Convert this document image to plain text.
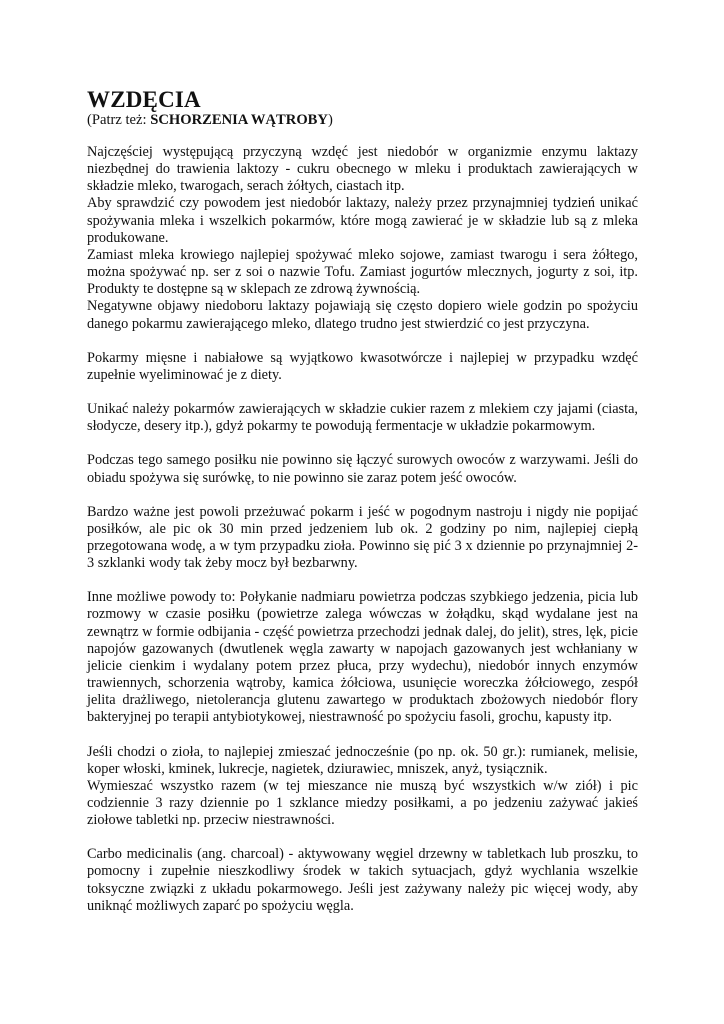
WZDĘCIA

(Patrz też: SCHORZENIA WĄTROBY)

Najczęściej występującą przyczyną wzdęć jest niedobór w organizmie enzymu laktazy niezbędnej do trawienia laktozy - cukru obecnego w mleku i produktach zawierających w składzie mleko, twarogach, serach żółtych, ciastach itp.

Aby sprawdzić czy powodem jest niedobór laktazy, należy przez przynajmniej tydzień unikać spożywania mleka i wszelkich pokarmów, które mogą zawierać je w składzie lub są z mleka produkowane.

Zamiast mleka krowiego najlepiej spożywać mleko sojowe, zamiast twarogu i sera żółtego, można spożywać np. ser z soi o nazwie Tofu. Zamiast jogurtów mlecznych, jogurty z soi, itp. Produkty te dostępne są w sklepach ze zdrową żywnością.

Negatywne objawy niedoboru laktazy pojawiają się często dopiero wiele godzin po spożyciu danego pokarmu zawierającego mleko, dlatego trudno jest stwierdzić co jest przyczyna.

Pokarmy mięsne i nabiałowe są wyjątkowo kwasotwórcze i najlepiej w przypadku wzdęć zupełnie wyeliminować je z diety.

Unikać należy pokarmów zawierających w składzie cukier razem z mlekiem czy jajami (ciasta, słodycze, desery itp.), gdyż pokarmy te powodują fermentacje w układzie pokarmowym.

Podczas tego samego posiłku nie powinno się łączyć surowych owoców z warzywami. Jeśli do obiadu spożywa się surówkę, to nie powinno sie zaraz potem jeść owoców.

Bardzo ważne jest powoli przeżuwać pokarm i jeść w pogodnym nastroju i nigdy nie popijać posiłków, ale pic ok 30 min przed jedzeniem lub ok. 2 godziny po nim, najlepiej ciepłą przegotowana wodę, a w tym przypadku zioła. Powinno się pić 3 x dziennie po przynajmniej 2-3 szklanki wody tak żeby mocz był bezbarwny.

Inne możliwe powody to: Połykanie nadmiaru powietrza podczas szybkiego jedzenia, picia lub rozmowy w czasie posiłku (powietrze zalega wówczas w żołądku, skąd wydalane jest na zewnątrz w formie odbijania - część powietrza przechodzi jednak dalej, do jelit), stres, lęk, picie napojów gazowanych (dwutlenek węgla zawarty w napojach gazowanych jest wchłaniany w jelicie cienkim i wydalany potem przez płuca, przy wydechu), niedobór innych enzymów trawiennych, schorzenia wątroby, kamica żółciowa, usunięcie woreczka żółciowego, zespół jelita drażliwego, nietolerancja glutenu zawartego w produktach zbożowych niedobór flory bakteryjnej po terapii antybiotykowej, niestrawność po spożyciu fasoli, grochu, kapusty itp.

Jeśli chodzi o zioła, to najlepiej zmieszać jednocześnie (po np. ok. 50 gr.): rumianek, melisie, koper włoski, kminek, lukrecje, nagietek, dziurawiec, mniszek, anyż, tysiącznik.

Wymieszać wszystko razem (w tej mieszance nie muszą być wszystkich w/w ziół) i pic codziennie 3 razy dziennie po 1 szklance miedzy posiłkami, a po jedzeniu zażywać jakieś ziołowe tabletki np. przeciw niestrawności.

Carbo medicinalis (ang. charcoal) - aktywowany węgiel drzewny w tabletkach lub proszku, to pomocny i zupełnie nieszkodliwy środek w takich sytuacjach, gdyż wychlania wszelkie toksyczne związki z układu pokarmowego. Jeśli jest zażywany należy pic więcej wody, aby uniknąć możliwych zaparć po spożyciu węgla.
